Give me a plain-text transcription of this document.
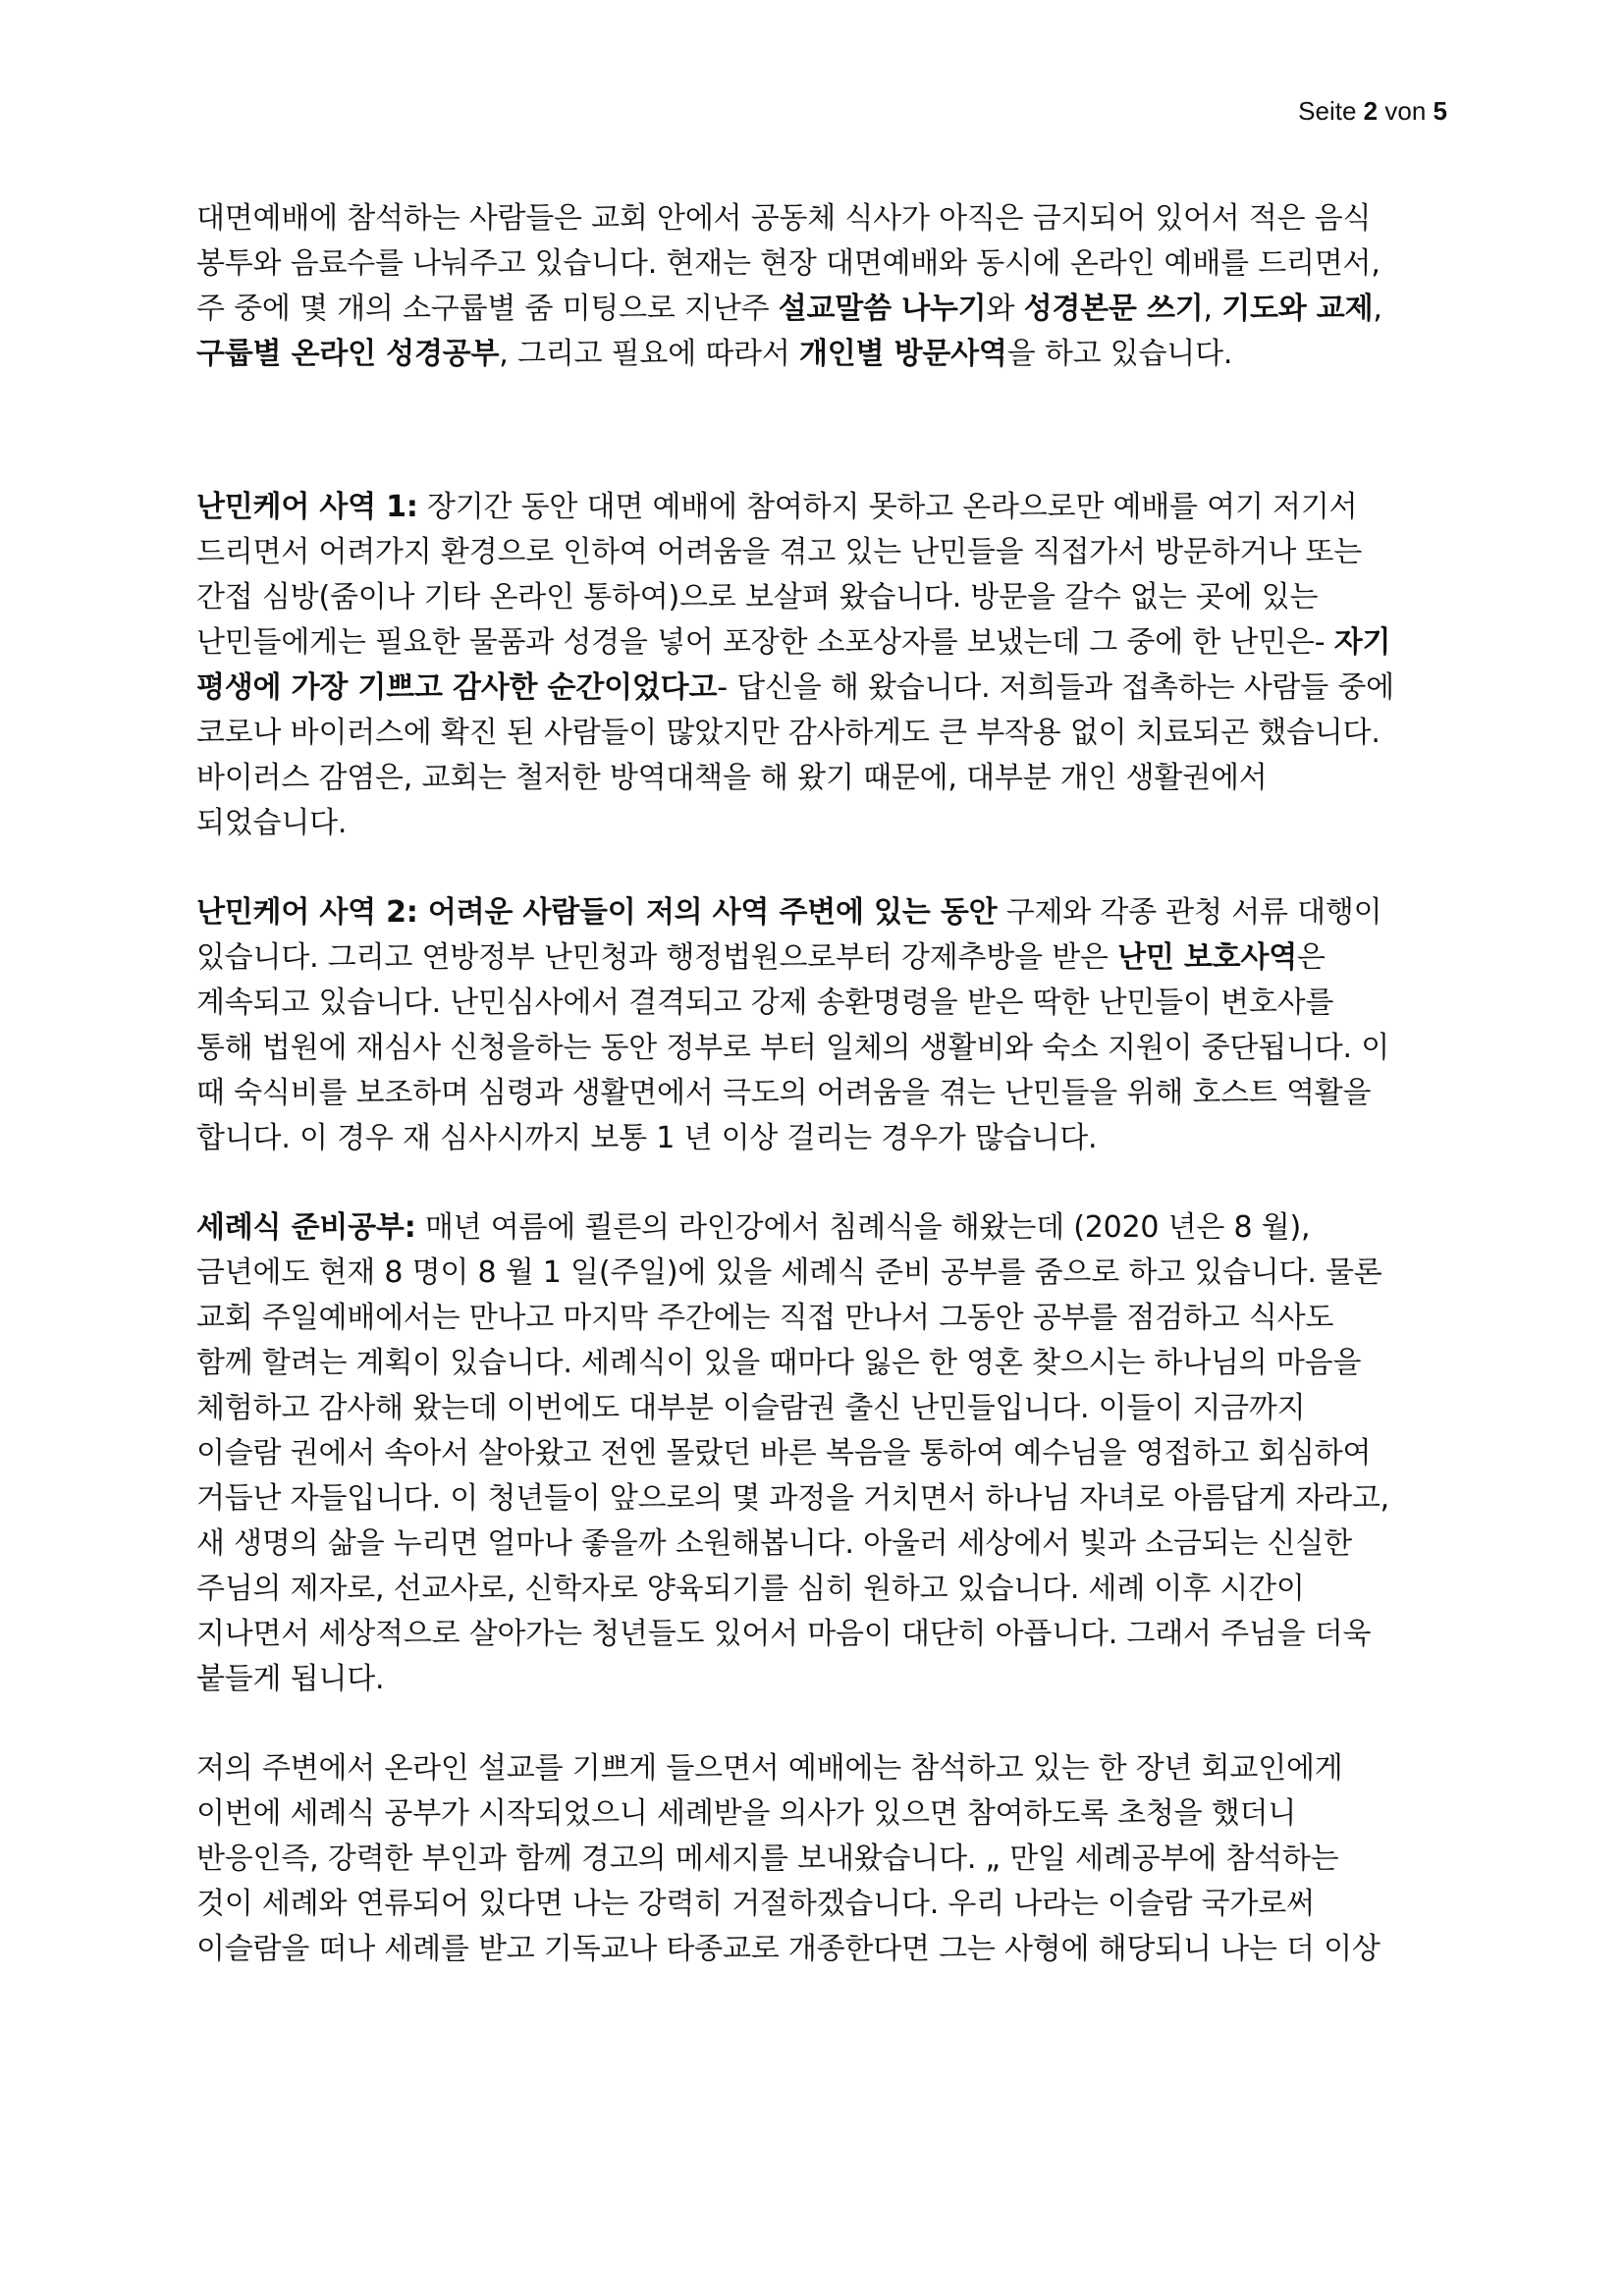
Seite 2 von 5
대면예배에 참석하는 사람들은 교회 안에서 공동체 식사가 아직은 금지되어 있어서 적은 음식
봉투와 음료수를 나눠주고 있습니다. 현재는 현장 대면예배와 동시에 온라인 예배를 드리면서,
주 중에 몇 개의 소구룹별 줌 미팅으로 지난주 설교말씀 나누기와 성경본문 쓰기, 기도와 교제,
구룹별 온라인 성경공부, 그리고 필요에 따라서 개인별 방문사역을 하고 있습니다.
난민케어 사역 1: 장기간 동안 대면 예배에 참여하지 못하고 온라으로만 예배를 여기 저기서
드리면서 어려가지 환경으로 인하여 어려움을 겪고 있는 난민들을 직접가서 방문하거나 또는
간접 심방(줌이나 기타 온라인 통하여)으로 보살펴 왔습니다. 방문을 갈수 없는 곳에 있는
난민들에게는 필요한 물품과 성경을 넣어 포장한 소포상자를 보냈는데 그 중에 한 난민은- 자기
평생에 가장 기쁘고 감사한 순간이었다고- 답신을 해 왔습니다. 저희들과 접촉하는 사람들 중에
코로나 바이러스에 확진 된 사람들이 많았지만 감사하게도 큰 부작용 없이 치료되곤 했습니다.
바이러스 감염은, 교회는 철저한 방역대책을 해 왔기 때문에, 대부분 개인 생활권에서
되었습니다.
난민케어 사역 2: 어려운 사람들이 저의 사역 주변에 있는 동안 구제와 각종 관청 서류 대행이
있습니다. 그리고 연방정부 난민청과 행정법원으로부터 강제추방을 받은 난민 보호사역은
계속되고 있습니다. 난민심사에서 결격되고 강제 송환명령을 받은 딱한 난민들이 변호사를
통해 법원에 재심사 신청을하는 동안 정부로 부터 일체의 생활비와 숙소 지원이 중단됩니다. 이
때 숙식비를 보조하며 심령과 생활면에서 극도의 어려움을 겪는 난민들을 위해 호스트 역활을
합니다. 이 경우 재 심사시까지 보통 1 년 이상 걸리는 경우가 많습니다.
세례식 준비공부: 매년 여름에 쾰른의 라인강에서 침례식을 해왔는데 (2020 년은 8 월),
금년에도 현재 8 명이 8 월 1 일(주일)에 있을 세례식 준비 공부를 줌으로 하고 있습니다. 물론
교회 주일예배에서는 만나고 마지막 주간에는 직접 만나서 그동안 공부를 점검하고 식사도
함께 할려는 계획이 있습니다. 세례식이 있을 때마다 잃은 한 영혼 찾으시는 하나님의 마음을
체험하고 감사해 왔는데 이번에도 대부분 이슬람권 출신 난민들입니다. 이들이 지금까지
이슬람 권에서 속아서 살아왔고 전엔 몰랐던 바른 복음을 통하여 예수님을 영접하고 회심하여
거듭난 자들입니다. 이 청년들이 앞으로의 몇 과정을 거치면서 하나님 자녀로 아름답게 자라고,
새 생명의 삶을 누리면 얼마나 좋을까 소원해봅니다. 아울러 세상에서 빛과 소금되는 신실한
주님의 제자로, 선교사로, 신학자로 양육되기를 심히 원하고 있습니다. 세례 이후 시간이
지나면서 세상적으로 살아가는 청년들도 있어서 마음이 대단히 아픕니다. 그래서 주님을 더욱
붙들게 됩니다.
저의 주변에서 온라인 설교를 기쁘게 들으면서 예배에는 참석하고 있는 한 장년 회교인에게
이번에 세례식 공부가 시작되었으니 세례받을 의사가 있으면 참여하도록 초청을 했더니
반응인즉, 강력한 부인과 함께 경고의 메세지를 보내왔습니다. „ 만일 세례공부에 참석하는
것이 세례와 연류되어 있다면 나는 강력히 거절하겠습니다. 우리 나라는 이슬람 국가로써
이슬람을 떠나 세례를 받고 기독교나 타종교로 개종한다면 그는 사형에 해당되니 나는 더 이상
